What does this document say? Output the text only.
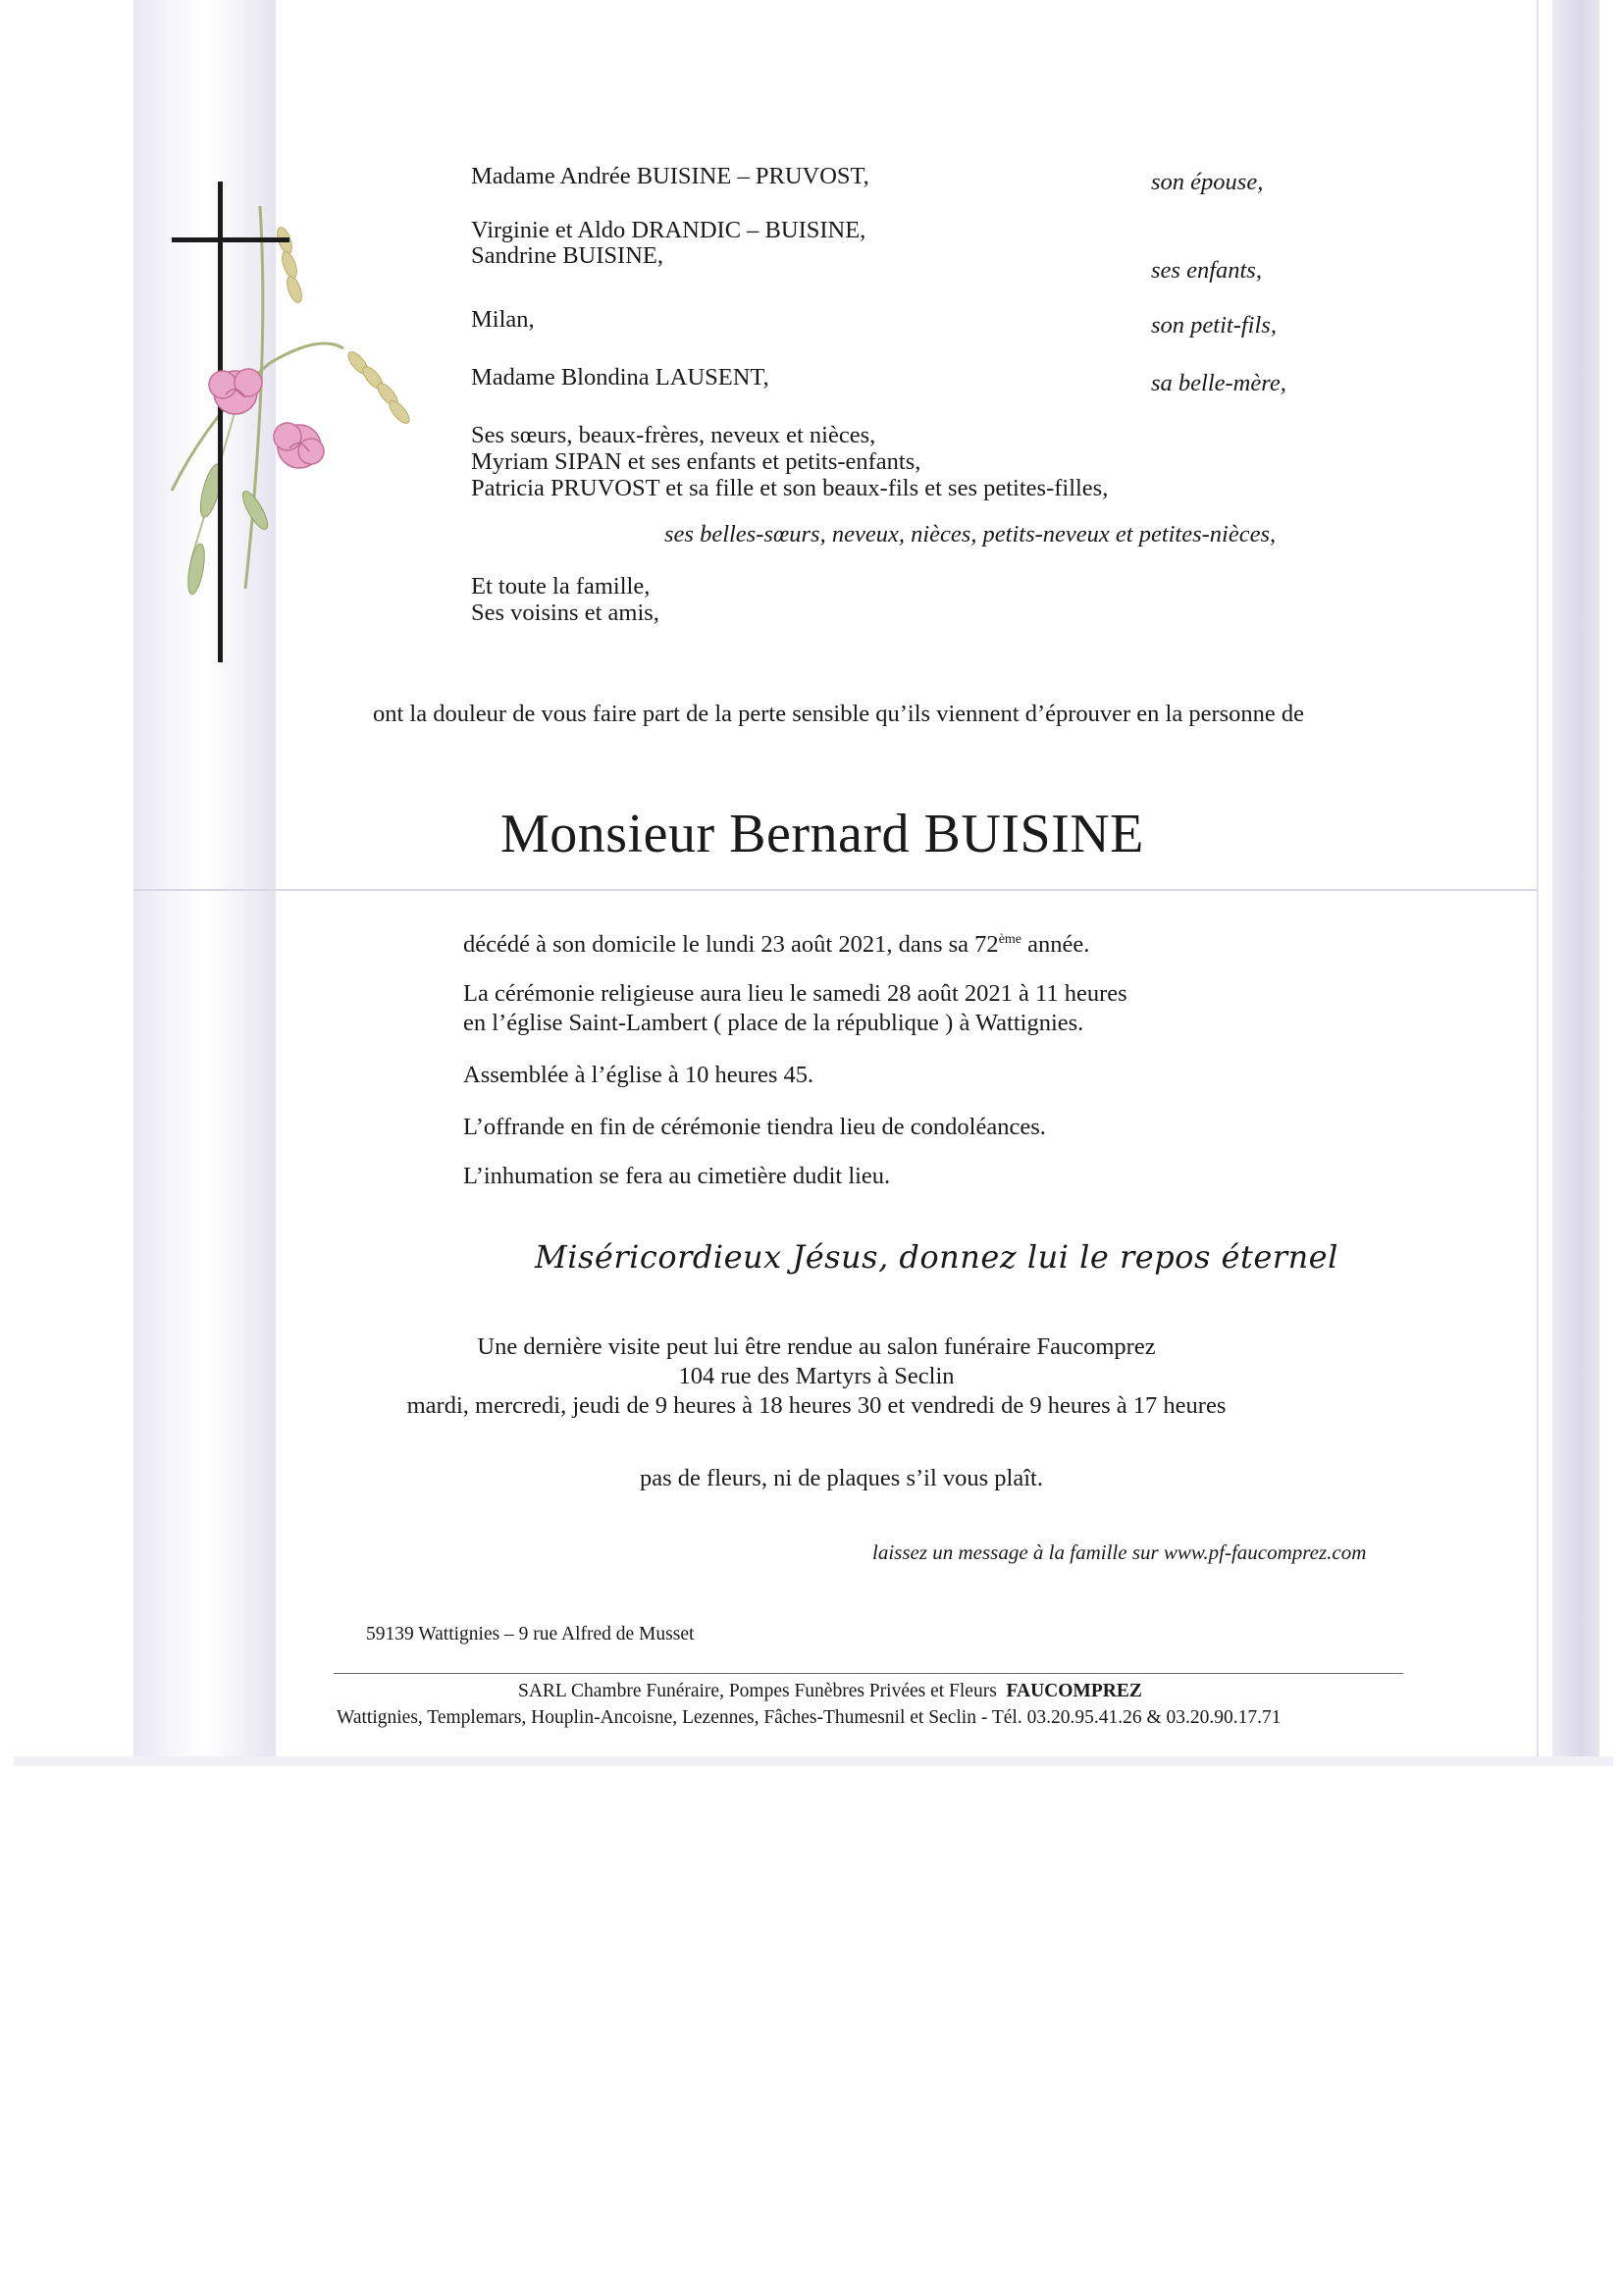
Madame Andrée BUISINE – PRUVOST,	son épouse,
Virginie et Aldo DRANDIC – BUISINE,
Sandrine BUISINE,
ses enfants,
Milan,	son petit-fils,
Madame Blondina LAUSENT,	sa belle-mère,
Ses sœurs, beaux-frères, neveux et nièces,
Myriam SIPAN et ses enfants et petits-enfants,
Patricia PRUVOST et sa fille et son beaux-fils et ses petites-filles,
ses belles-sœurs, neveux, nièces, petits-neveux et petites-nièces,
Et toute la famille,
Ses voisins et amis,
ont la douleur de vous faire part de la perte sensible qu’ils viennent d’éprouver en la personne de
Monsieur Bernard BUISINE
décédé à son domicile le lundi 23 août 2021, dans sa 72ème année.
La cérémonie religieuse aura lieu le samedi 28 août 2021 à 11 heures
en l’église Saint-Lambert ( place de la république ) à Wattignies.
Assemblée à l’église à 10 heures 45.
L’offrande en fin de cérémonie tiendra lieu de condoléances.
L’inhumation se fera au cimetière dudit lieu.
Miséricordieux Jésus, donnez lui le repos éternel
Une dernière visite peut lui être rendue au salon funéraire Faucomprez
104 rue des Martyrs à Seclin
mardi, mercredi, jeudi de 9 heures à 18 heures 30 et vendredi de 9 heures à 17 heures
pas de fleurs, ni de plaques s’il vous plaît.
laissez un message à la famille sur www.pf-faucomprez.com
59139 Wattignies – 9 rue Alfred de Musset
SARL Chambre Funéraire, Pompes Funèbres Privées et Fleurs FAUCOMPREZ
Wattignies, Templemars, Houplin-Ancoisne, Lezennes, Fâches-Thumesnil et Seclin - Tél. 03.20.95.41.26 & 03.20.90.17.71
